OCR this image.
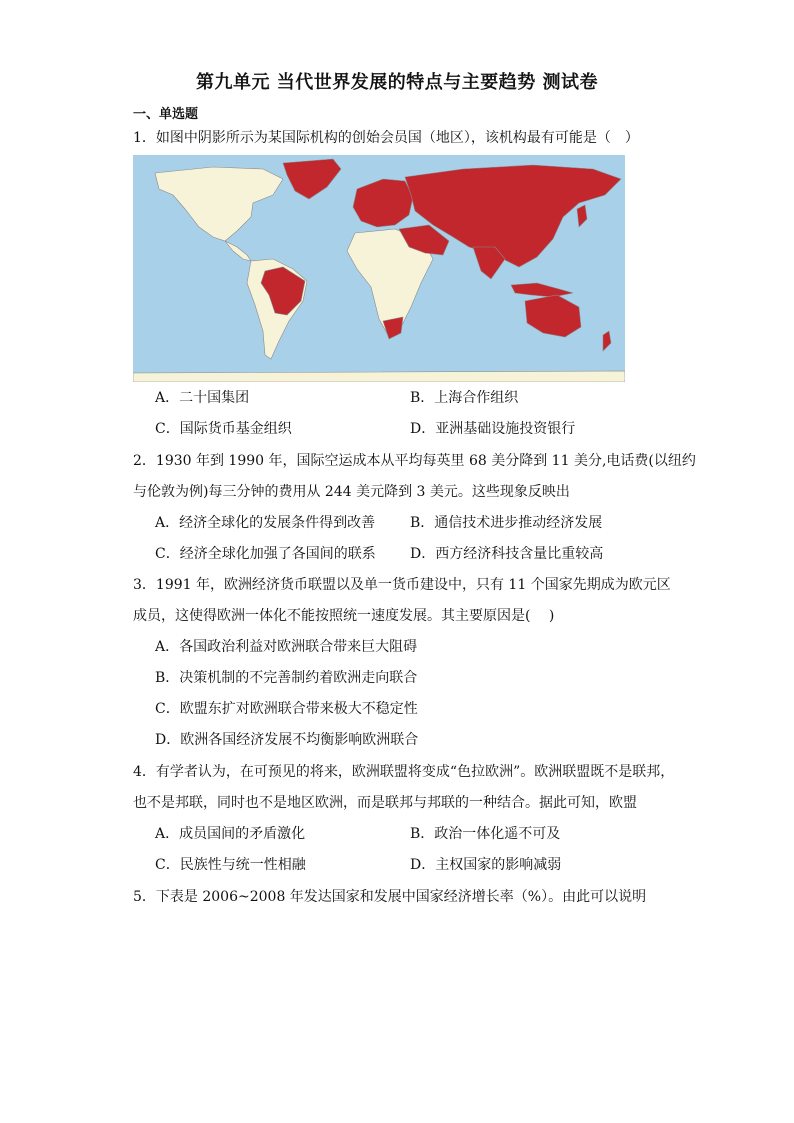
第九单元 当代世界发展的特点与主要趋势 测试卷
一、单选题
1．如图中阴影所示为某国际机构的创始会员国（地区），该机构最有可能是（　）
A．二十国集团	B．上海合作组织
C．国际货币基金组织	D．亚洲基础设施投资银行
2．1930 年到 1990 年，国际空运成本从平均每英里 68 美分降到 11 美分,电话费(以纽约
与伦敦为例)每三分钟的费用从 244 美元降到 3 美元。这些现象反映出
A．经济全球化的发展条件得到改善 B．通信技术进步推动经济发展
C．经济全球化加强了各国间的联系 D．西方经济科技含量比重较高
3．1991 年，欧洲经济货币联盟以及单一货币建设中，只有 11 个国家先期成为欧元区
成员，这使得欧洲一体化不能按照统一速度发展。其主要原因是(　 )
A．各国政治利益对欧洲联合带来巨大阻碍
B．决策机制的不完善制约着欧洲走向联合
C．欧盟东扩对欧洲联合带来极大不稳定性
D．欧洲各国经济发展不均衡影响欧洲联合
4．有学者认为，在可预见的将来，欧洲联盟将变成“色拉欧洲”。欧洲联盟既不是联邦，
也不是邦联，同时也不是地区欧洲，而是联邦与邦联的一种结合。据此可知，欧盟
A．成员国间的矛盾激化	B．政治一体化遥不可及
C．民族性与统一性相融	D．主权国家的影响减弱
5．下表是 2006~2008 年发达国家和发展中国家经济增长率（%）。由此可以说明
